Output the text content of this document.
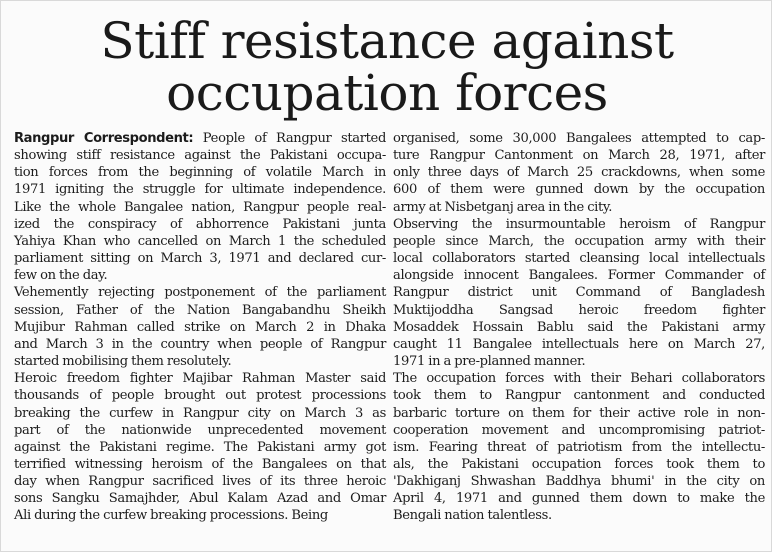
Stiff resistance against
occupation forces
Rangpur Correspondent: People of Rangpur started
showing stiff resistance against the Pakistani occupa-
tion forces from the beginning of volatile March in
1971 igniting the struggle for ultimate independence.
Like the whole Bangalee nation, Rangpur people real-
ized the conspiracy of abhorrence Pakistani junta
Yahiya Khan who cancelled on March 1 the scheduled
parliament sitting on March 3, 1971 and declared cur-
few on the day.
Vehemently rejecting postponement of the parliament
session, Father of the Nation Bangabandhu Sheikh
Mujibur Rahman called strike on March 2 in Dhaka
and March 3 in the country when people of Rangpur
started mobilising them resolutely.
Heroic freedom fighter Majibar Rahman Master said
thousands of people brought out protest processions
breaking the curfew in Rangpur city on March 3 as
part of the nationwide unprecedented movement
against the Pakistani regime. The Pakistani army got
terrified witnessing heroism of the Bangalees on that
day when Rangpur sacrificed lives of its three heroic
sons Sangku Samajhder, Abul Kalam Azad and Omar
Ali during the curfew breaking processions. Being
organised, some 30,000 Bangalees attempted to cap-
ture Rangpur Cantonment on March 28, 1971, after
only three days of March 25 crackdowns, when some
600 of them were gunned down by the occupation
army at Nisbetganj area in the city.
Observing the insurmountable heroism of Rangpur
people since March, the occupation army with their
local collaborators started cleansing local intellectuals
alongside innocent Bangalees. Former Commander of
Rangpur district unit Command of Bangladesh
Muktijoddha Sangsad heroic freedom fighter
Mosaddek Hossain Bablu said the Pakistani army
caught 11 Bangalee intellectuals here on March 27,
1971 in a pre-planned manner.
The occupation forces with their Behari collaborators
took them to Rangpur cantonment and conducted
barbaric torture on them for their active role in non-
cooperation movement and uncompromising patriot-
ism. Fearing threat of patriotism from the intellectu-
als, the Pakistani occupation forces took them to
'Dakhiganj Shwashan Baddhya bhumi' in the city on
April 4, 1971 and gunned them down to make the
Bengali nation talentless.
